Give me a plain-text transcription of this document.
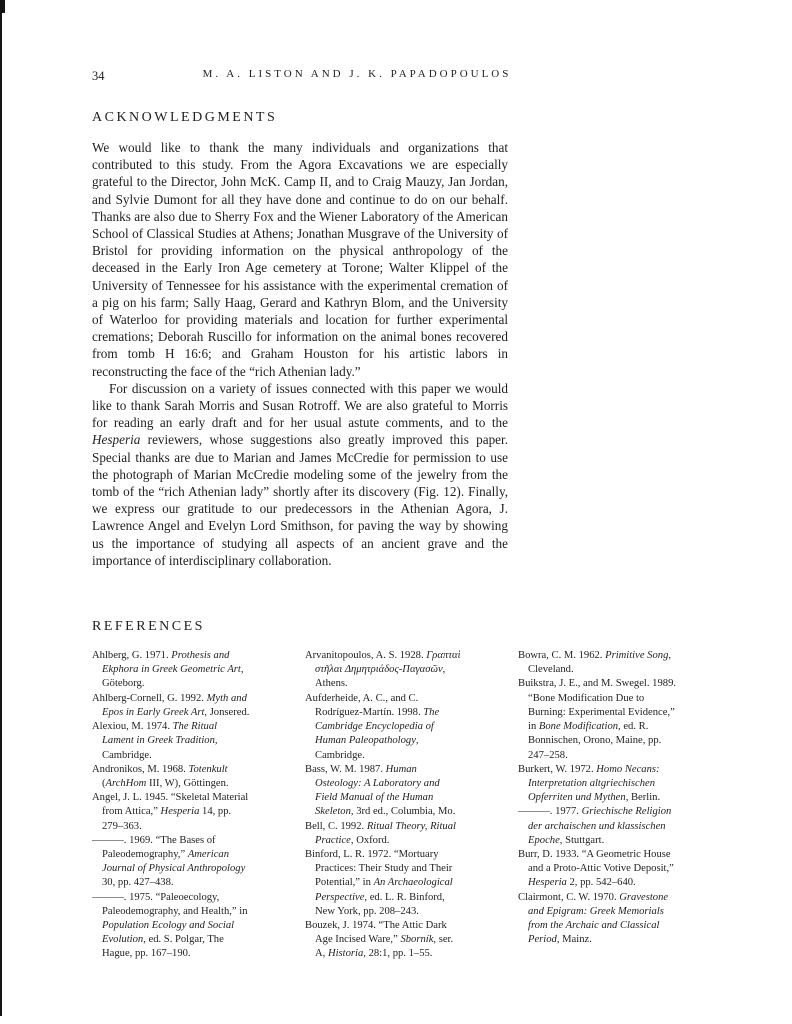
34	M. A. LISTON AND J. K. PAPADOPOULOS
ACKNOWLEDGMENTS

We would like to thank the many individuals and organizations that contributed to this study. From the Agora Excavations we are especially grateful to the Director, John McK. Camp II, and to Craig Mauzy, Jan Jordan, and Sylvie Dumont for all they have done and continue to do on our behalf. Thanks are also due to Sherry Fox and the Wiener Laboratory of the American School of Classical Studies at Athens; Jonathan Musgrave of the University of Bristol for providing information on the physical anthropology of the deceased in the Early Iron Age cemetery at Torone; Walter Klippel of the University of Tennessee for his assistance with the experimental cremation of a pig on his farm; Sally Haag, Gerard and Kathryn Blom, and the University of Waterloo for providing materials and location for further experimental cremations; Deborah Ruscillo for information on the animal bones recovered from tomb H 16:6; and Graham Houston for his artistic labors in reconstructing the face of the “rich Athenian lady.”

For discussion on a variety of issues connected with this paper we would like to thank Sarah Morris and Susan Rotroff. We are also grateful to Morris for reading an early draft and for her usual astute comments, and to the Hesperia reviewers, whose suggestions also greatly improved this paper. Special thanks are due to Marian and James McCredie for permission to use the photograph of Marian McCredie modeling some of the jewelry from the tomb of the “rich Athenian lady” shortly after its discovery (Fig. 12). Finally, we express our gratitude to our predecessors in the Athenian Agora, J. Lawrence Angel and Evelyn Lord Smithson, for paving the way by showing us the importance of studying all aspects of an ancient grave and the importance of interdisciplinary collaboration.

REFERENCES
Ahlberg, G. 1971. Prothesis and Ekphora in Greek Geometric Art, Göteborg.
Ahlberg-Cornell, G. 1992. Myth and Epos in Early Greek Art, Jonsered.
Alexiou, M. 1974. The Ritual Lament in Greek Tradition, Cambridge.
Andronikos, M. 1968. Totenkult (ArchHom III, W), Göttingen.
Angel, J. L. 1945. “Skeletal Material from Attica,” Hesperia 14, pp. 279–363.
———. 1969. “The Bases of Paleodemography,” American Journal of Physical Anthropology 30, pp. 427–438.
———. 1975. “Paleoecology, Paleodemography, and Health,” in Population Ecology and Social Evolution, ed. S. Polgar, The Hague, pp. 167–190.
Arvanitopoulos, A. S. 1928. Γραπταὶ στῆλαι Δημητριάδος-Παγασῶν, Athens.
Aufderheide, A. C., and C. Rodríguez-Martín. 1998. The Cambridge Encyclopedia of Human Paleopathology, Cambridge.
Bass, W. M. 1987. Human Osteology: A Laboratory and Field Manual of the Human Skeleton, 3rd ed., Columbia, Mo.
Bell, C. 1992. Ritual Theory, Ritual Practice, Oxford.
Binford, L. R. 1972. “Mortuary Practices: Their Study and Their Potential,” in An Archaeological Perspective, ed. L. R. Binford, New York, pp. 208–243.
Bouzek, J. 1974. “The Attic Dark Age Incised Ware,” Sborník, ser. A, Historia, 28:1, pp. 1–55.
Bowra, C. M. 1962. Primitive Song, Cleveland.
Buikstra, J. E., and M. Swegel. 1989. “Bone Modification Due to Burning: Experimental Evidence,” in Bone Modification, ed. R. Bonnischen, Orono, Maine, pp. 247–258.
Burkert, W. 1972. Homo Necans: Interpretation altgriechischen Opferriten und Mythen, Berlin.
———. 1977. Griechische Religion der archaischen und klassischen Epoche, Stuttgart.
Burr, D. 1933. “A Geometric House and a Proto-Attic Votive Deposit,” Hesperia 2, pp. 542–640.
Clairmont, C. W. 1970. Gravestone and Epigram: Greek Memorials from the Archaic and Classical Period, Mainz.
